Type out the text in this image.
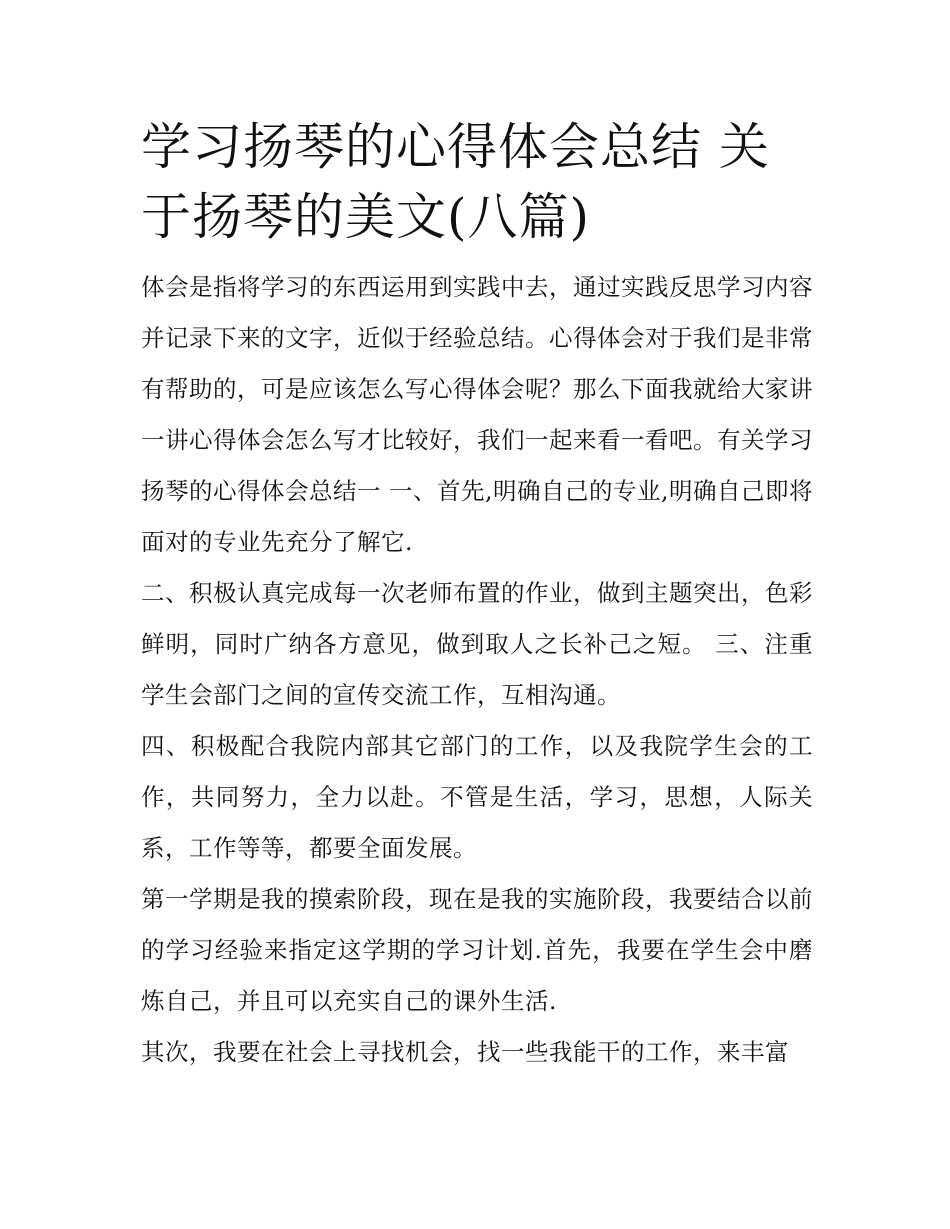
学习扬琴的心得体会总结 关于扬琴的美文(八篇)

体会是指将学习的东西运用到实践中去，通过实践反思学习内容并记录下来的文字，近似于经验总结。心得体会对于我们是非常有帮助的，可是应该怎么写心得体会呢？那么下面我就给大家讲一讲心得体会怎么写才比较好，我们一起来看一看吧。有关学习扬琴的心得体会总结一 一、首先,明确自己的专业,明确自己即将面对的专业先充分了解它.

二、积极认真完成每一次老师布置的作业，做到主题突出，色彩鲜明，同时广纳各方意见，做到取人之长补己之短。 三、注重学生会部门之间的宣传交流工作，互相沟通。

四、积极配合我院内部其它部门的工作，以及我院学生会的工作，共同努力，全力以赴。不管是生活，学习，思想，人际关系，工作等等，都要全面发展。

第一学期是我的摸索阶段，现在是我的实施阶段，我要结合以前的学习经验来指定这学期的学习计划.首先，我要在学生会中磨炼自己，并且可以充实自己的课外生活.

其次，我要在社会上寻找机会，找一些我能干的工作，来丰富
